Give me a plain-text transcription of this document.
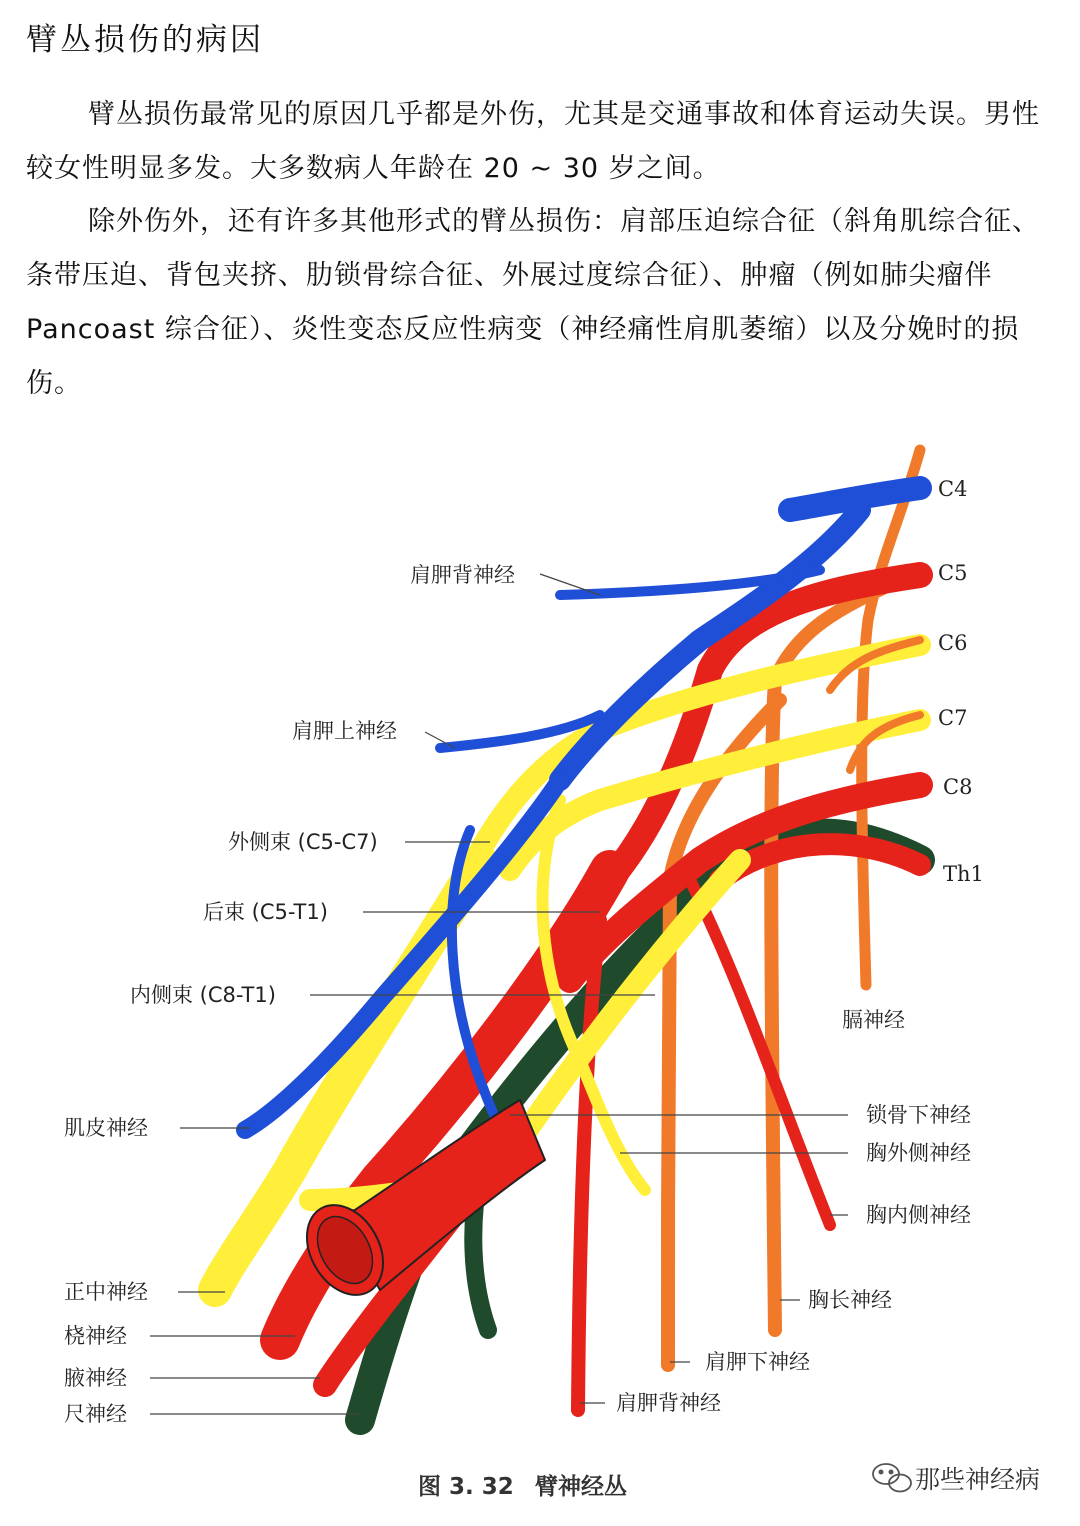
臂丛损伤的病因

臂丛损伤最常见的原因几乎都是外伤，尤其是交通事故和体育运动失误。男性较女性明显多发。大多数病人年龄在 20 ~ 30 岁之间。

除外伤外，还有许多其他形式的臂丛损伤：肩部压迫综合征（斜角肌综合征、条带压迫、背包夹挤、肋锁骨综合征、外展过度综合征）、肿瘤（例如肺尖瘤伴 Pancoast 综合征）、炎性变态反应性病变（神经痛性肩肌萎缩）以及分娩时的损伤。

C4
C5
C6
C7
C8
Th1
肩胛背神经
肩胛上神经
外侧束 (C5-C7)
后束 (C5-T1)
内侧束 (C8-T1)
肌皮神经
正中神经
桡神经
腋神经
尺神经
膈神经
锁骨下神经
胸外侧神经
胸内侧神经
胸长神经
肩胛下神经
肩胛背神经
图 3. 32 臂神经丛	那些神经病
